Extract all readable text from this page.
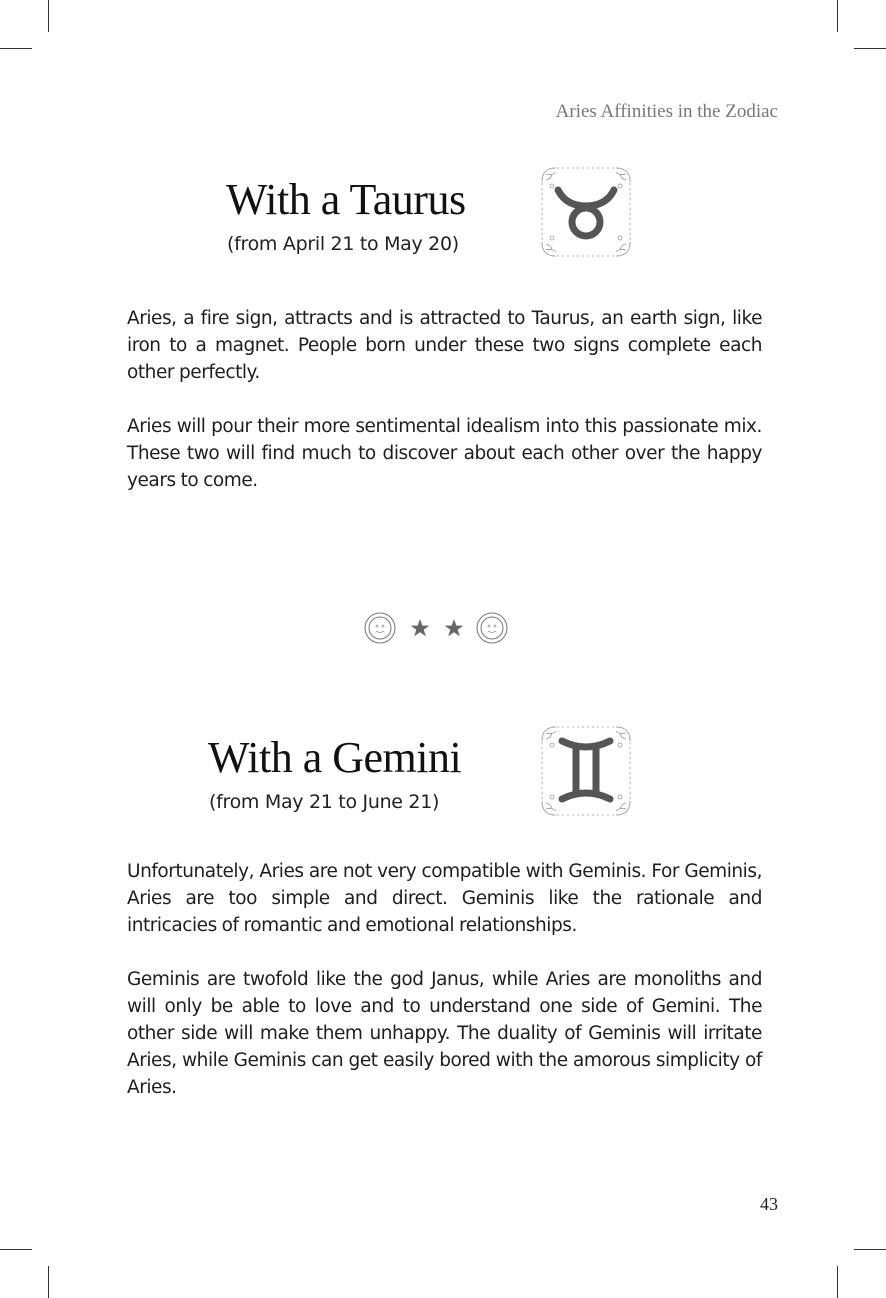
Aries Affinities in the Zodiac
With a Taurus
(from April 21 to May 20)

Aries, a fire sign, attracts and is attracted to Taurus, an earth sign, like iron to a magnet. People born under these two signs complete each other perfectly.

Aries will pour their more sentimental idealism into this passionate mix. These two will find much to discover about each other over the happy years to come.

With a Gemini
(from May 21 to June 21)

Unfortunately, Aries are not very compatible with Geminis. For Geminis, Aries are too simple and direct. Geminis like the rationale and intricacies of romantic and emotional relationships.

Geminis are twofold like the god Janus, while Aries are monoliths and will only be able to love and to understand one side of Gemini. The other side will make them unhappy. The duality of Geminis will irritate Aries, while Geminis can get easily bored with the amorous simplicity of Aries.

43
